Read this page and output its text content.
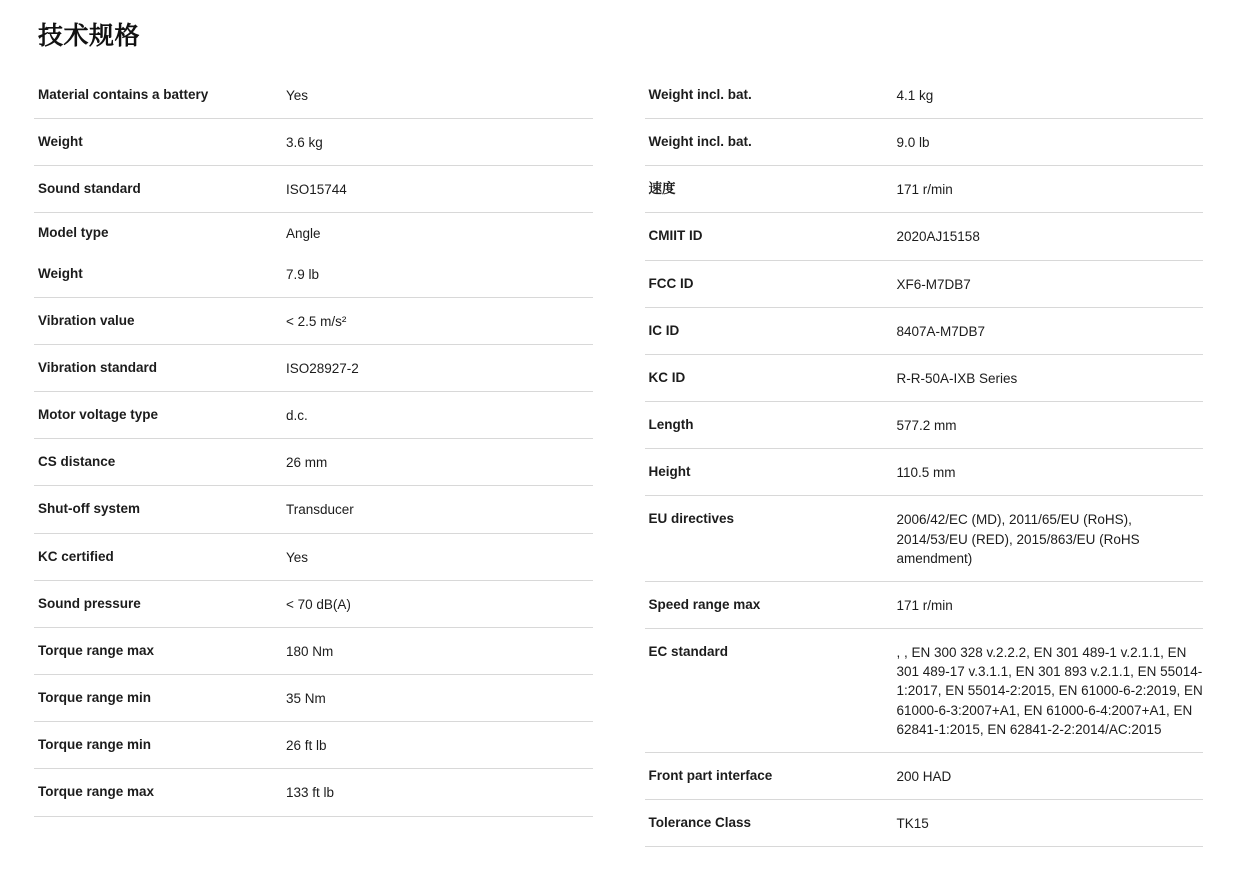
技术规格
Material contains a battery	Yes
Weight	3.6 kg
Sound standard	ISO15744
Model type	Angle
Weight	7.9 lb
Vibration value	< 2.5 m/s²
Vibration standard	ISO28927-2
Motor voltage type	d.c.
CS distance	26 mm
Shut-off system	Transducer
KC certified	Yes
Sound pressure	< 70 dB(A)
Torque range max	180 Nm
Torque range min	35 Nm
Torque range min	26 ft lb
Torque range max	133 ft lb
Weight incl. bat.	4.1 kg
Weight incl. bat.	9.0 lb
速度	171 r/min
CMIIT ID	2020AJ15158
FCC ID	XF6-M7DB7
IC ID	8407A-M7DB7
KC ID	R-R-50A-IXB Series
Length	577.2 mm
Height	110.5 mm
EU directives	2006/42/EC (MD), 2011/65/EU (RoHS), 2014/53/EU (RED), 2015/863/EU (RoHS amendment)
Speed range max	171 r/min
EC standard	, , EN 300 328 v.2.2.2, EN 301 489-1 v.2.1.1, EN 301 489-17 v.3.1.1, EN 301 893 v.2.1.1, EN 55014-1:2017, EN 55014-2:2015, EN 61000-6-2:2019, EN 61000-6-3:2007+A1, EN 61000-6-4:2007+A1, EN 62841-1:2015, EN 62841-2-2:2014/AC:2015
Front part interface	200 HAD
Tolerance Class	TK15
